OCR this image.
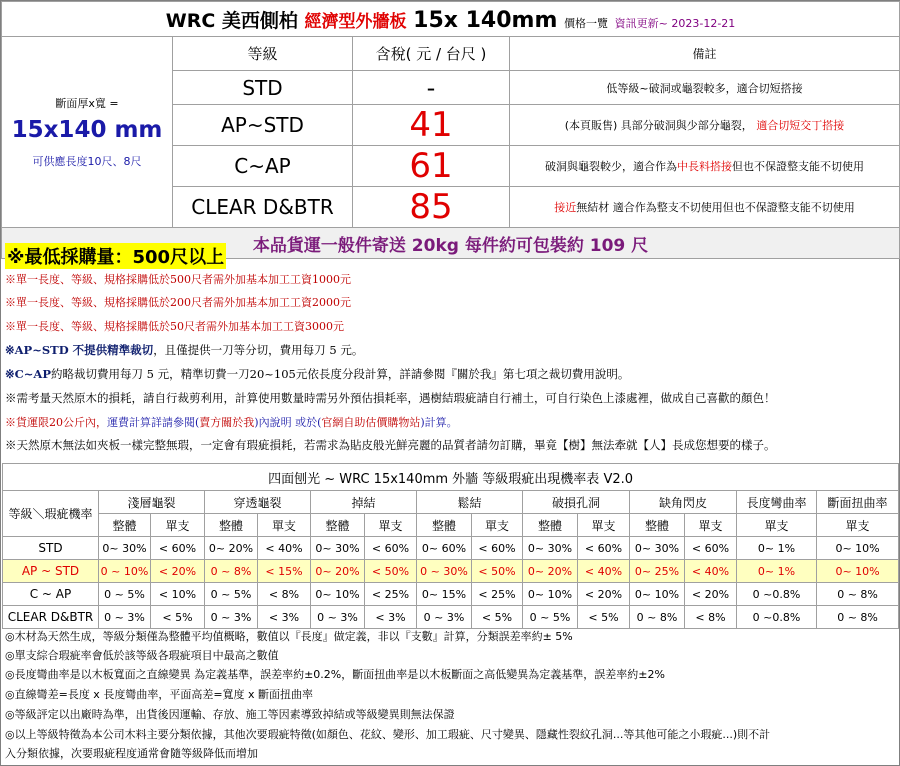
WRC 美西側柏 經濟型外牆板 15x 140mm 價格一覽 資訊更新~ 2023-12-21			

斷面厚x寬 =
15x140 mm
可供應長度10尺、8尺	等級	含稅( 元 / 台尺 )	備註
	STD	-	低等級~破洞或龜裂較多，適合切短搭接
	AP~STD	41	(本頁販售) 具部分破洞與少部分龜裂， 適合切短交丁搭接
	C~AP	61	破洞與龜裂較少，適合作為中長料搭接但也不保證整支能不切使用
	CLEAR D&BTR	85	接近無結材 適合作為整支不切使用但也不保證整支能不切使用
本品貨運一般件寄送 20kg 每件約可包裝約 109 尺			
※最低採購量：500尺以上
※單一長度、等級、規格採購低於500尺者需外加基本加工工資1000元
※單一長度、等級、規格採購低於200尺者需外加基本加工工資2000元
※單一長度、等級、規格採購低於50尺者需外加基本加工工資3000元
※AP~STD 不提供精準裁切，且僅提供一刀等分切，費用每刀 5 元。
※C~AP約略裁切費用每刀 5 元，精準切費一刀20~105元依長度分段計算，詳請參閱『關於我』第七項之裁切費用說明。
※需考量天然原木的損耗，請自行裁剪利用，計算使用數量時需另外預估損耗率，遇樹結瑕疵請自行補土，可自行染色上漆處裡，做成自己喜歡的顏色！
※貨運限20公斤內，運費計算詳請參閱(賣方關於我)內說明 或於(官網自助估價購物站)計算。
※天然原木無法如夾板一樣完整無瑕，一定會有瑕疵損耗，若需求為貼皮般光鮮亮麗的品質者請勿訂購，畢竟【樹】無法牽就【人】長成您想要的樣子。
四面刨光 ~ WRC 15x140mm 外牆 等級瑕疵出現機率表 V2.0														
等級＼瑕疵機率	淺層龜裂		穿透龜裂		掉結		鬆結		破損孔洞		缺角閃皮		長度彎曲率	斷面扭曲率
	整體	單支	整體	單支	整體	單支	整體	單支	整體	單支	整體	單支	單支	單支
STD	0~ 30%	< 60%	0~ 20%	< 40%	0~ 30%	< 60%	0~ 60%	< 60%	0~ 30%	< 60%	0~ 30%	< 60%	0~ 1%	0~ 10%
AP ~ STD	0 ~ 10%	< 20%	0 ~ 8%	< 15%	0~ 20%	< 50%	0 ~ 30%	< 50%	0~ 20%	< 40%	0~ 25%	< 40%	0~ 1%	0~ 10%
C ~ AP	0 ~ 5%	< 10%	0 ~ 5%	< 8%	0~ 10%	< 25%	0~ 15%	< 25%	0~ 10%	< 20%	0~ 10%	< 20%	0 ~0.8%	0 ~ 8%
CLEAR D&BTR	0 ~ 3%	< 5%	0 ~ 3%	< 3%	0 ~ 3%	< 3%	0 ~ 3%	< 5%	0 ~ 5%	< 5%	0 ~ 8%	< 8%	0 ~0.8%	0 ~ 8%
◎木材為天然生成，等級分類僅為整體平均值概略，數值以『長度』做定義，非以『支數』計算，分類誤差率約± 5%
◎單支綜合瑕疵率會低於該等級各瑕疵項目中最高之數值
◎長度彎曲率是以木板寬面之直線變異 為定義基準，誤差率約±0.2%，斷面扭曲率是以木板斷面之高低變異為定義基準，誤差率約±2%
◎直線彎差=長度 x 長度彎曲率，平面高差=寬度 x 斷面扭曲率
◎等級評定以出廠時為準，出貨後因運輸、存放、施工等因素導致掉結或等級變異則無法保證
◎以上等級特徵為本公司木料主要分類依據，其他次要瑕疵特徵(如顏色、花紋、變形、加工瑕疵、尺寸變異、隱藏性裂紋孔洞...等其他可能之小瑕疵...)則不計
入分類依據，次要瑕疵程度通常會隨等級降低而增加
